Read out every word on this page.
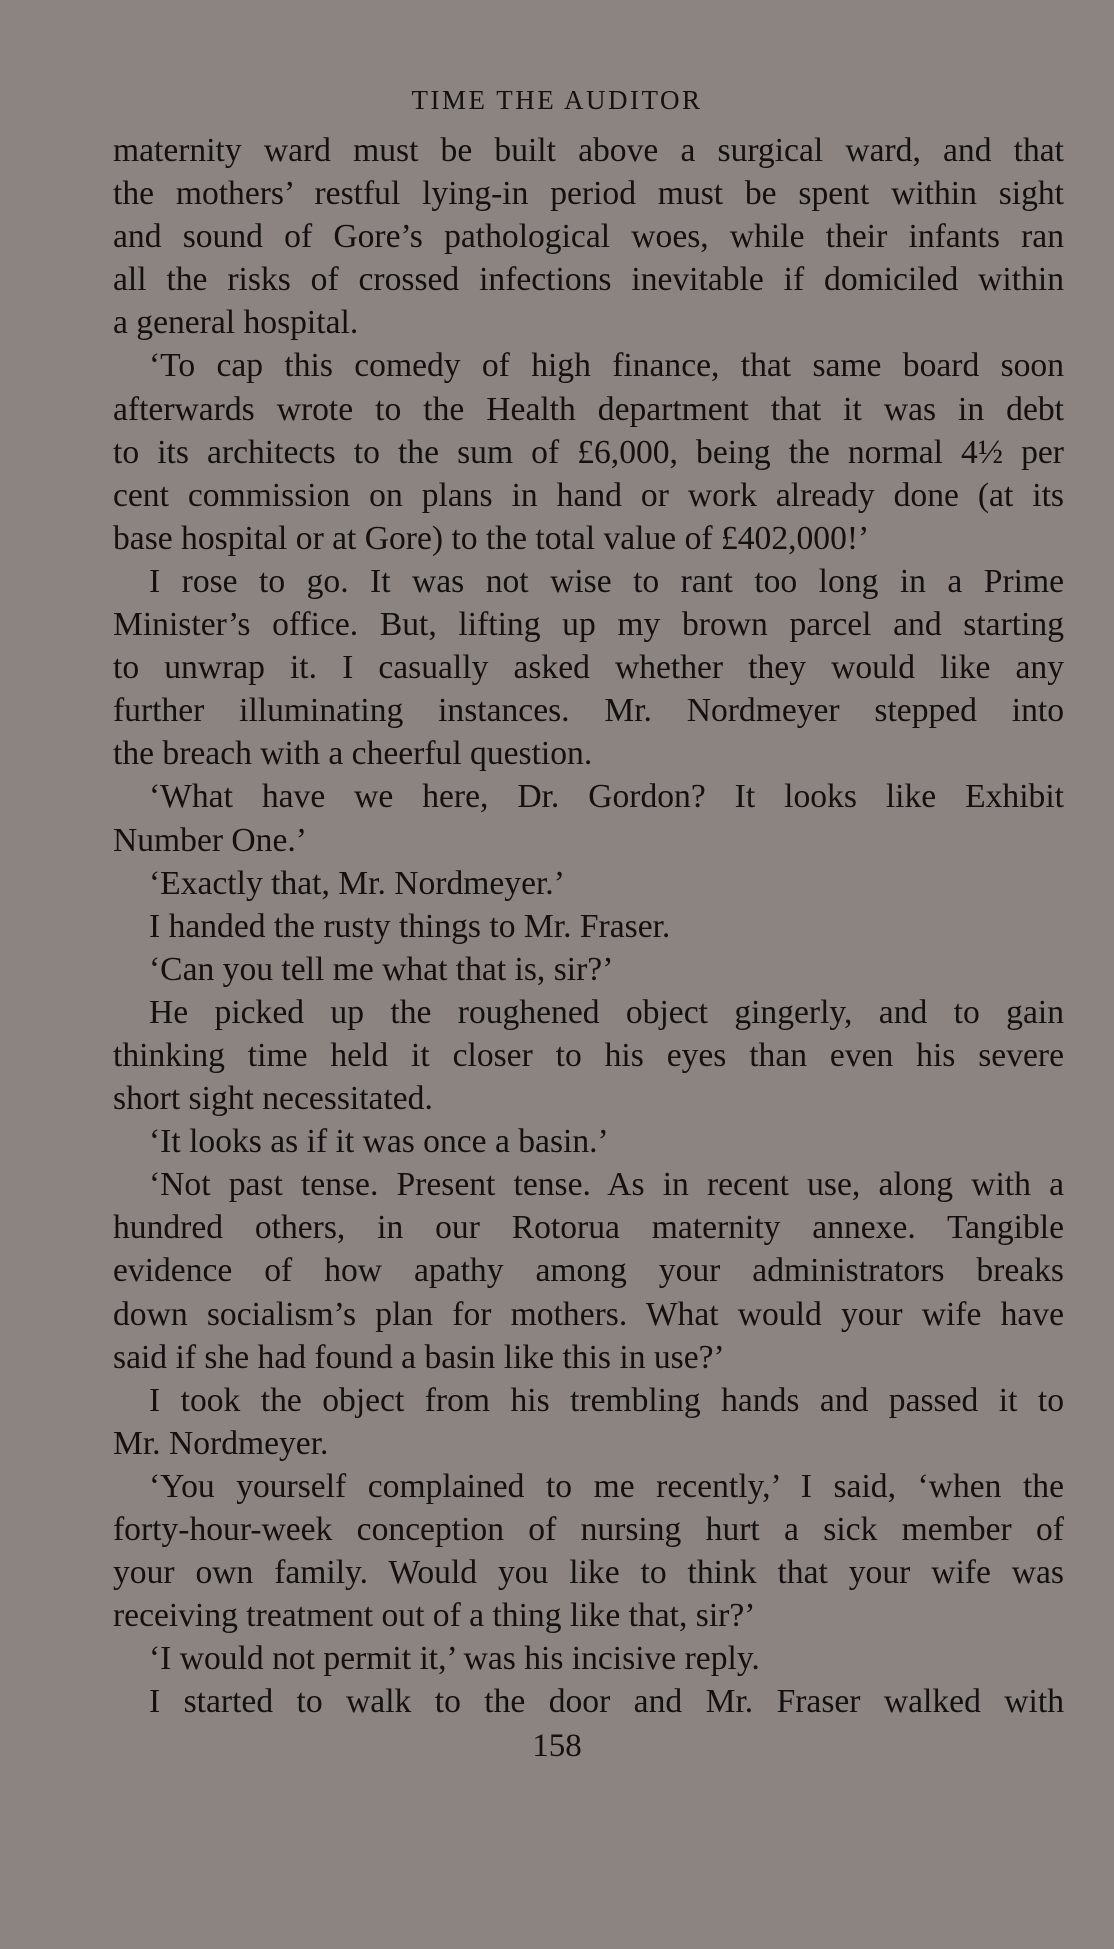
TIME THE AUDITOR
maternity ward must be built above a surgical ward, and that
the mothers’ restful lying-in period must be spent within sight
and sound of Gore’s pathological woes, while their infants ran
all the risks of crossed infections inevitable if domiciled within
a general hospital.
‘To cap this comedy of high finance, that same board soon
afterwards wrote to the Health department that it was in debt
to its architects to the sum of £6,000, being the normal 4½ per
cent commission on plans in hand or work already done (at its
base hospital or at Gore) to the total value of £402,000!’
I rose to go. It was not wise to rant too long in a Prime
Minister’s office. But, lifting up my brown parcel and starting
to unwrap it. I casually asked whether they would like any
further illuminating instances. Mr. Nordmeyer stepped into
the breach with a cheerful question.
‘What have we here, Dr. Gordon? It looks like Exhibit
Number One.’
‘Exactly that, Mr. Nordmeyer.’
I handed the rusty things to Mr. Fraser.
‘Can you tell me what that is, sir?’
He picked up the roughened object gingerly, and to gain
thinking time held it closer to his eyes than even his severe
short sight necessitated.
‘It looks as if it was once a basin.’
‘Not past tense. Present tense. As in recent use, along with a
hundred others, in our Rotorua maternity annexe. Tangible
evidence of how apathy among your administrators breaks
down socialism’s plan for mothers. What would your wife have
said if she had found a basin like this in use?’
I took the object from his trembling hands and passed it to
Mr. Nordmeyer.
‘You yourself complained to me recently,’ I said, ‘when the
forty-hour-week conception of nursing hurt a sick member of
your own family. Would you like to think that your wife was
receiving treatment out of a thing like that, sir?’
‘I would not permit it,’ was his incisive reply.
I started to walk to the door and Mr. Fraser walked with
158
